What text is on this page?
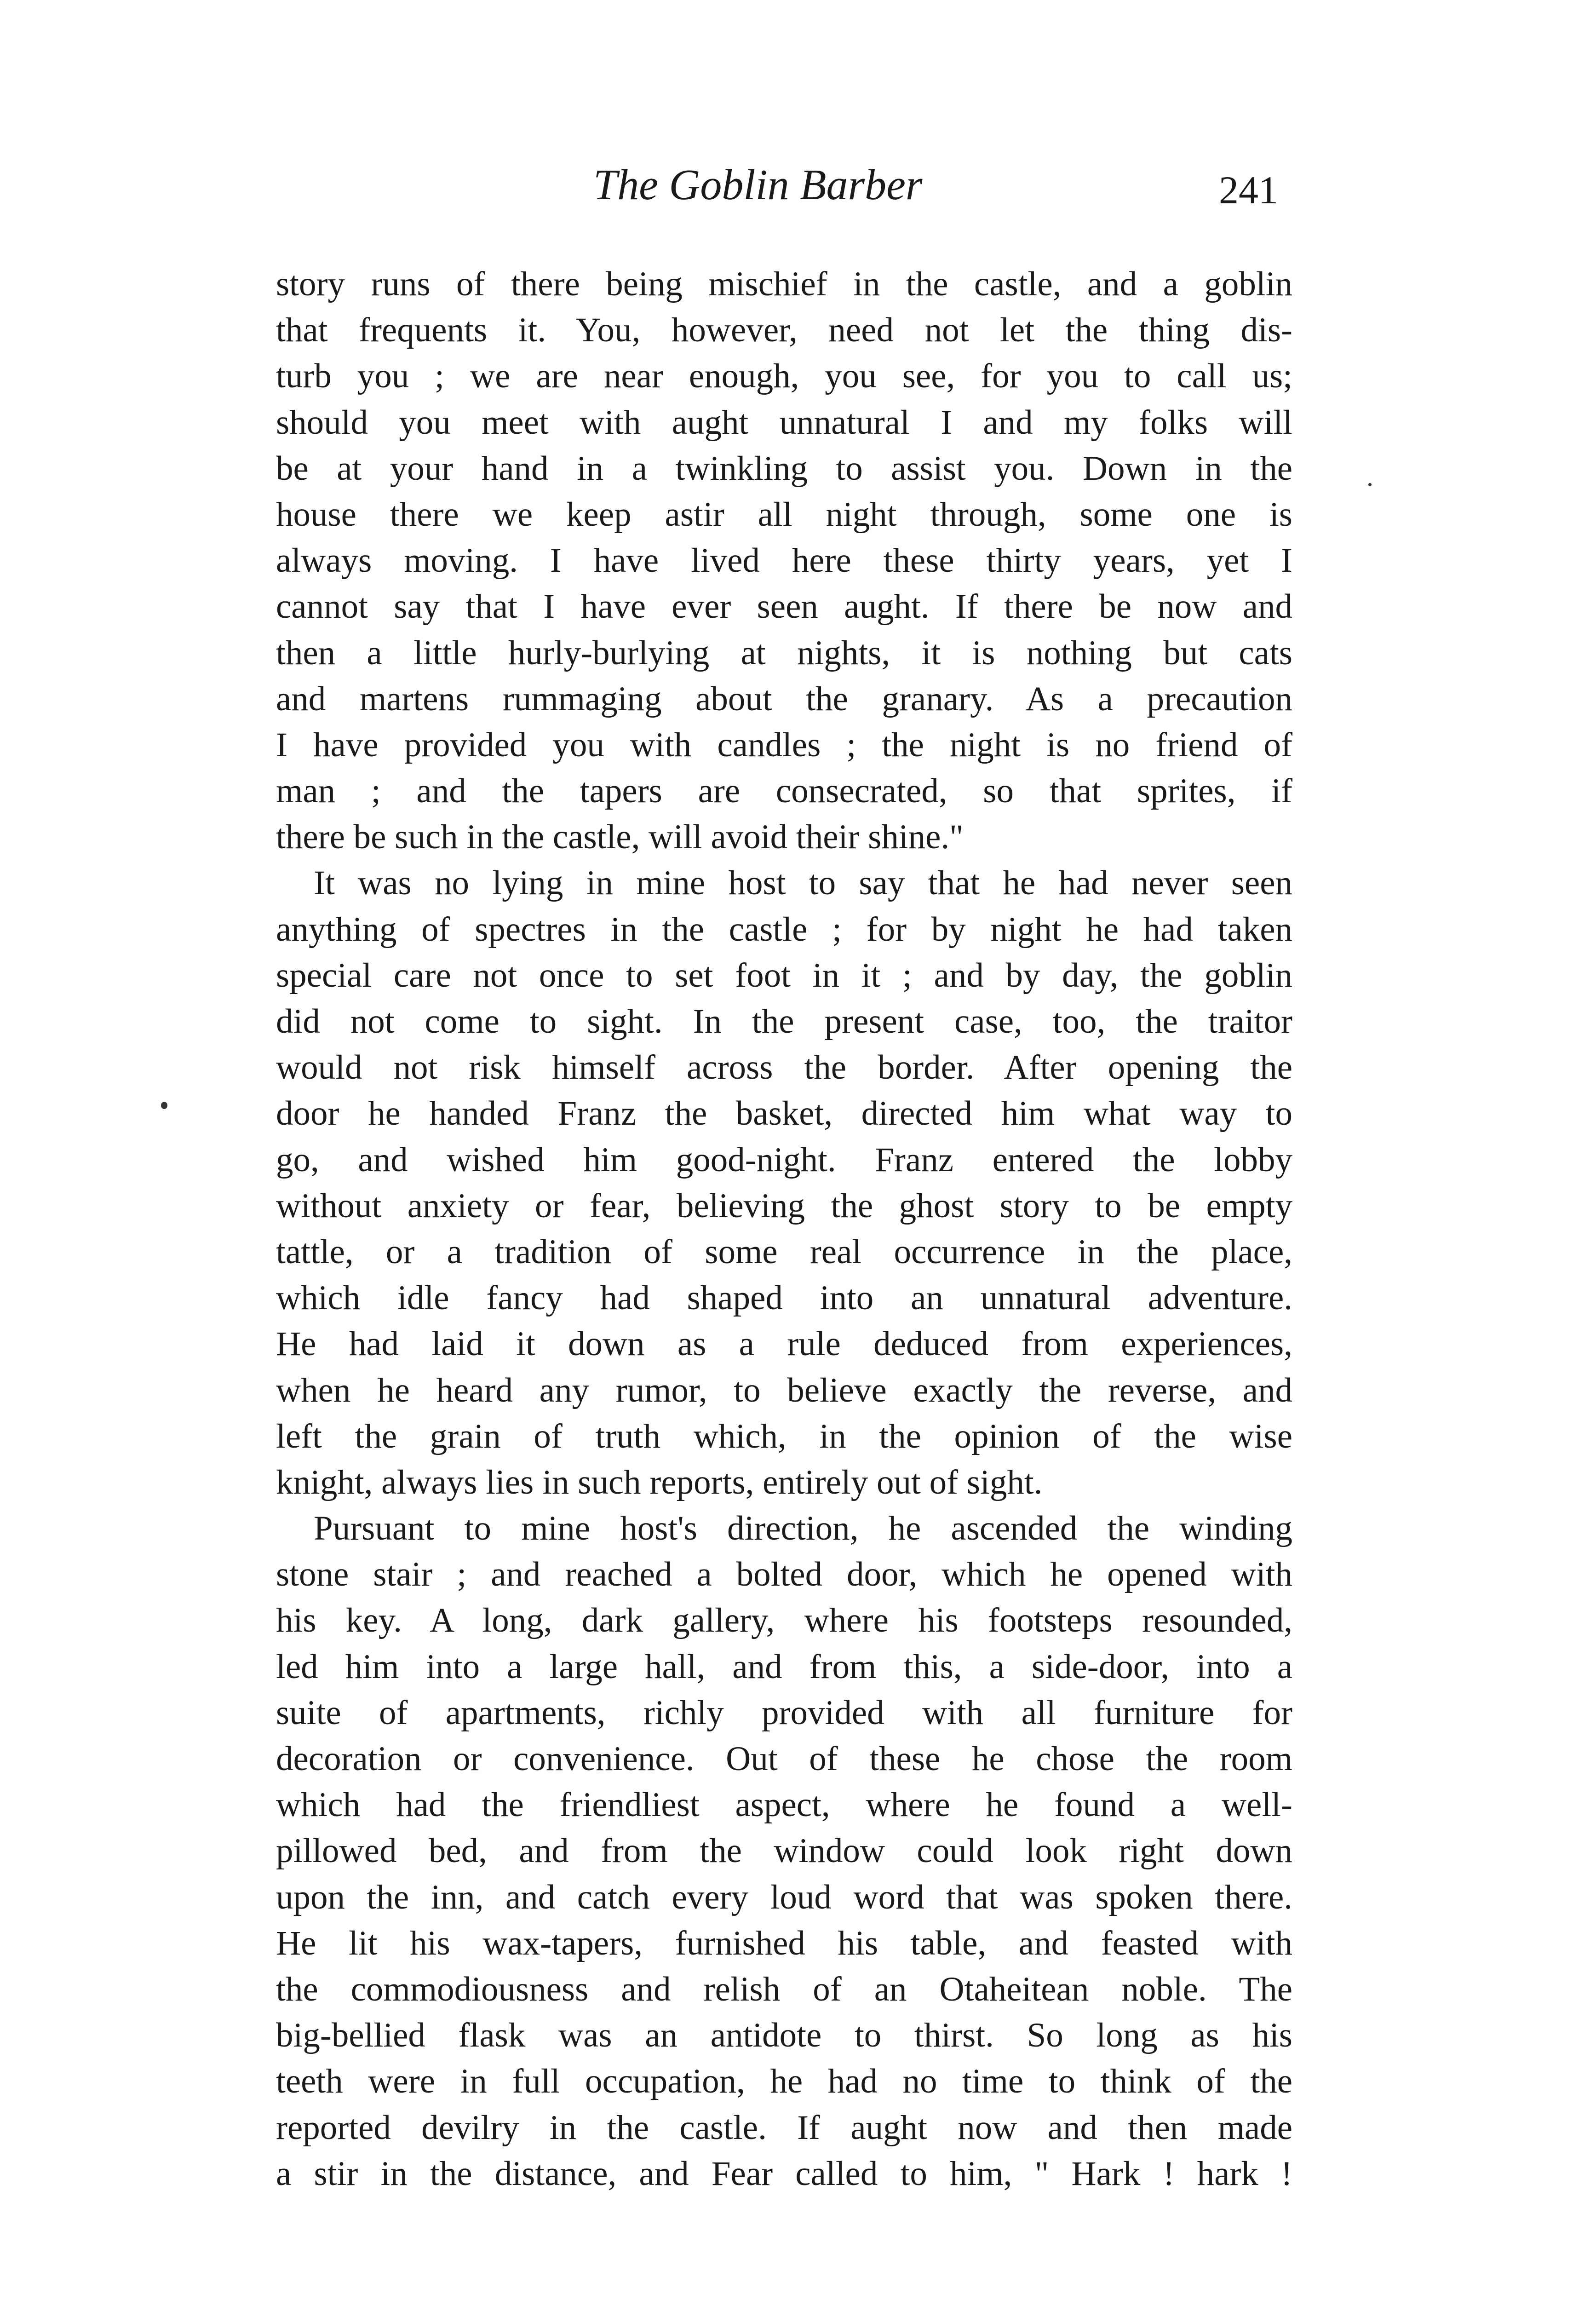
The Goblin Barber	241
story runs of there being mischief in the castle, and a goblin
that frequents it. You, however, need not let the thing dis-
turb you ; we are near enough, you see, for you to call us;
should you meet with aught unnatural I and my folks will
be at your hand in a twinkling to assist you. Down in the
house there we keep astir all night through, some one is
always moving. I have lived here these thirty years, yet I
cannot say that I have ever seen aught. If there be now and
then a little hurly-burlying at nights, it is nothing but cats
and martens rummaging about the granary. As a precaution
I have provided you with candles ; the night is no friend of
man ; and the tapers are consecrated, so that sprites, if
there be such in the castle, will avoid their shine."
It was no lying in mine host to say that he had never seen
anything of spectres in the castle ; for by night he had taken
special care not once to set foot in it ; and by day, the goblin
did not come to sight. In the present case, too, the traitor
would not risk himself across the border. After opening the
door he handed Franz the basket, directed him what way to
go, and wished him good-night. Franz entered the lobby
without anxiety or fear, believing the ghost story to be empty
tattle, or a tradition of some real occurrence in the place,
which idle fancy had shaped into an unnatural adventure.
He had laid it down as a rule deduced from experiences,
when he heard any rumor, to believe exactly the reverse, and
left the grain of truth which, in the opinion of the wise
knight, always lies in such reports, entirely out of sight.
Pursuant to mine host's direction, he ascended the winding
stone stair ; and reached a bolted door, which he opened with
his key. A long, dark gallery, where his footsteps resounded,
led him into a large hall, and from this, a side-door, into a
suite of apartments, richly provided with all furniture for
decoration or convenience. Out of these he chose the room
which had the friendliest aspect, where he found a well-
pillowed bed, and from the window could look right down
upon the inn, and catch every loud word that was spoken there.
He lit his wax-tapers, furnished his table, and feasted with
the commodiousness and relish of an Otaheitean noble. The
big-bellied flask was an antidote to thirst. So long as his
teeth were in full occupation, he had no time to think of the
reported devilry in the castle. If aught now and then made
a stir in the distance, and Fear called to him, " Hark ! hark !
